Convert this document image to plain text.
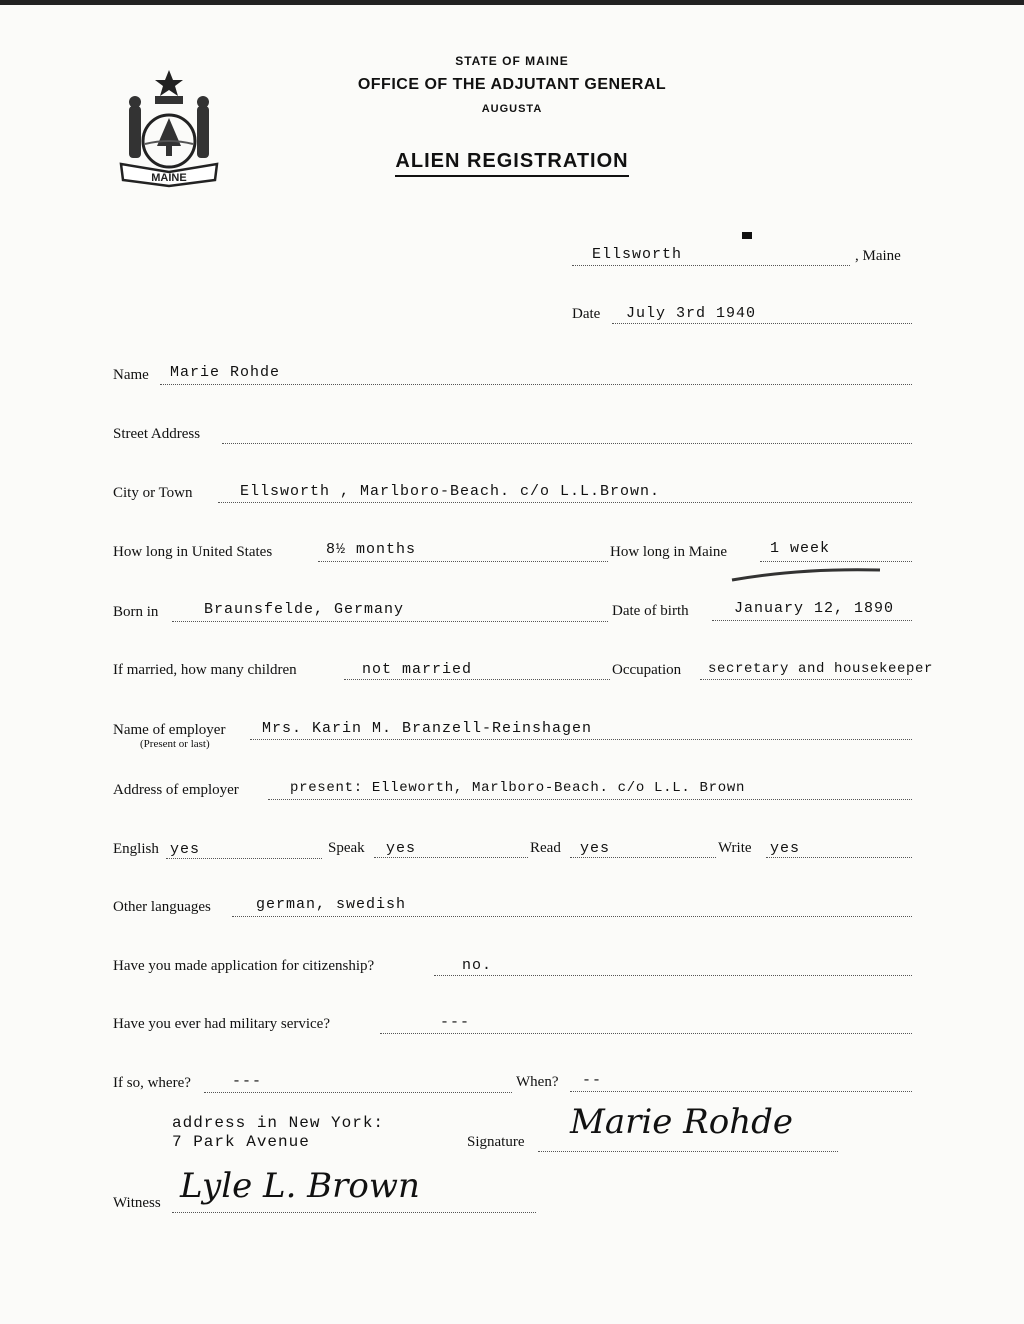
MAINE
STATE OF MAINE
OFFICE OF THE ADJUTANT GENERAL
AUGUSTA
ALIEN REGISTRATION
Ellsworth	, Maine
Date July 3rd 1940
Name Marie Rohde
Street Address
City or Town	Ellsworth , Marlboro-Beach. c/o L.L.Brown.
How long in United States	8½ months	How long in Maine	1 week
Born in	Braunsfelde, Germany	Date of birth	January 12, 1890
If married, how many children	not married	Occupation secretary and housekeeper
Name of employer
(Present or last)
Mrs. Karin M. Branzell-Reinshagen
Address of employer	present: Elleworth, Marlboro-Beach. c/o L.L. Brown
English yes	Speak yes	Read yes	Write yes
Other languages	german, swedish
Have you made application for citizenship?	no.
Have you ever had military service?	---
If so, where?	---	When? --
address in New York:
7 Park Avenue	Signature Marie Rohde
Witness Lyle L. Brown
